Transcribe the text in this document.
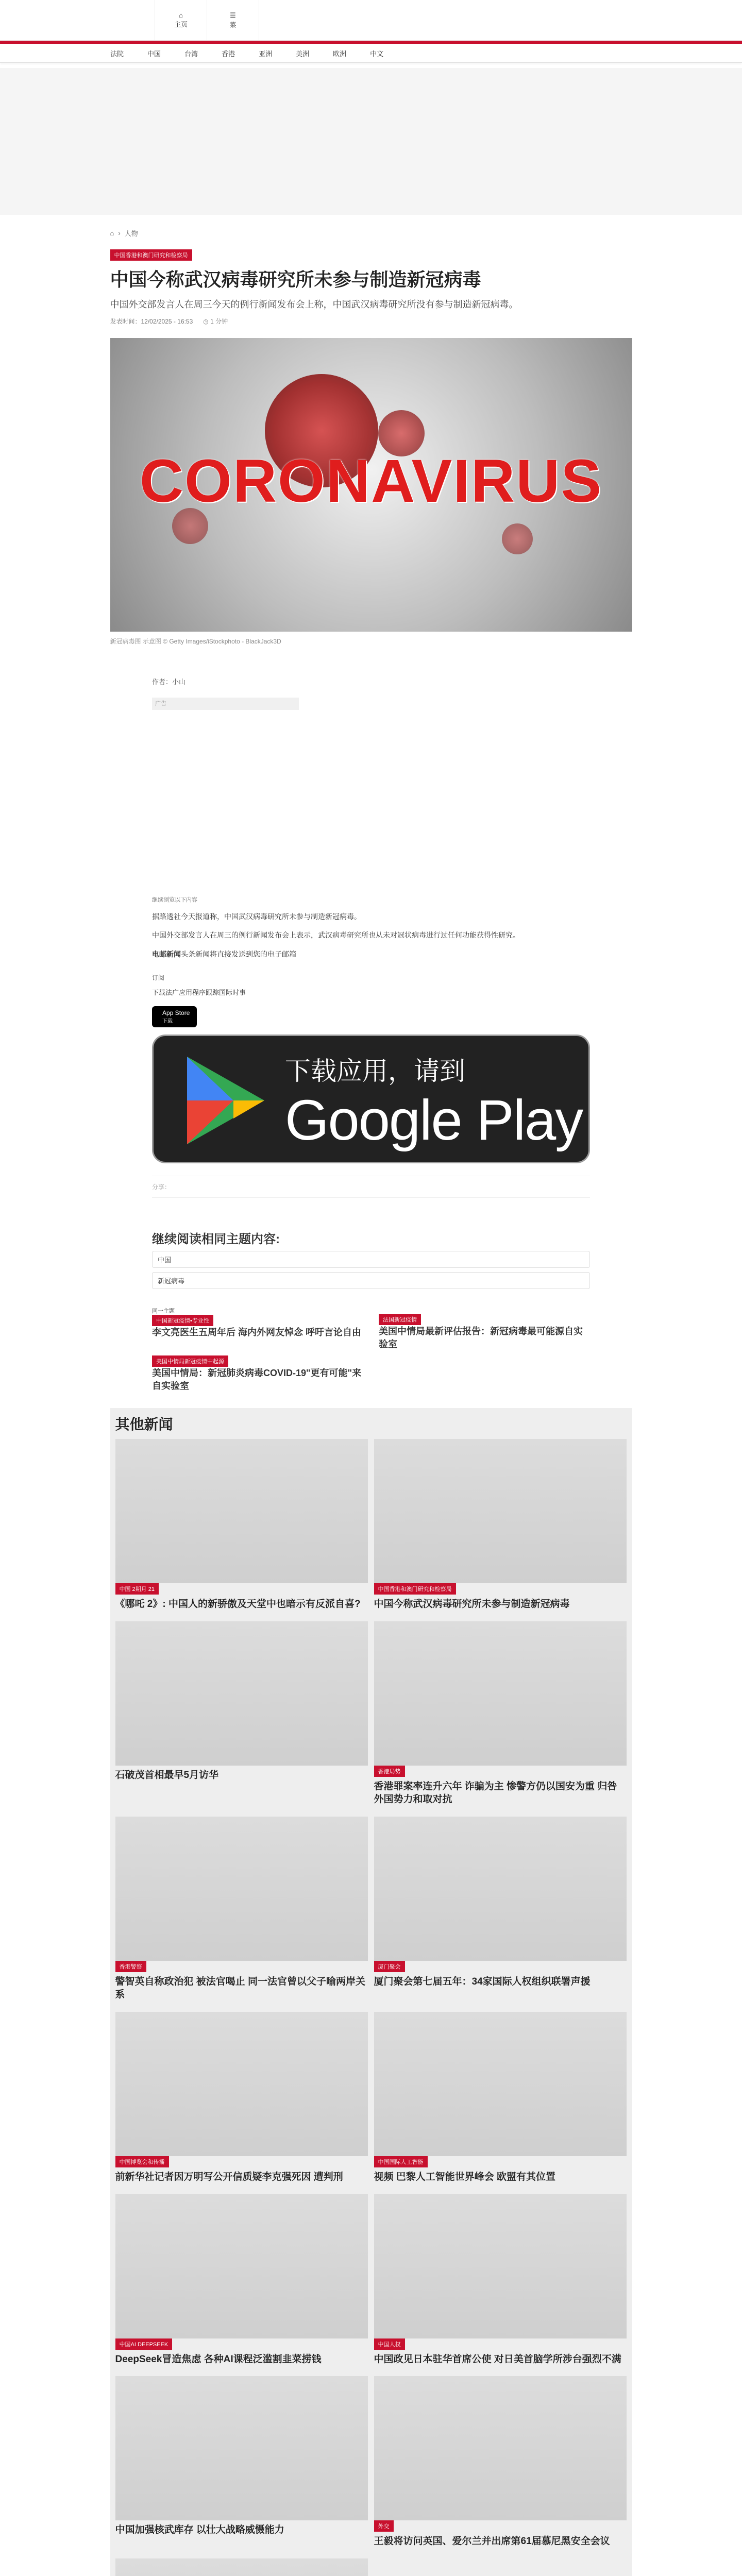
⌂
主页
☰
菜
法院	中国	台湾	香港	亚洲	美洲	欧洲	中文
⌂ › 人物
中国香港和澳门研究和检察局
中国今称武汉病毒研究所未参与制造新冠病毒
中国外交部发言人在周三今天的例行新闻发布会上称，中国武汉病毒研究所没有参与制造新冠病毒。
发表时间：12/02/2025 - 16:53 ◷ 1 分钟
CORONAVIRUS
新冠病毒图 示意图 © Getty Images/iStockphoto - BlackJack3D
作者：小山
广告
继续浏览以下内容
据路透社今天报道称，中国武汉病毒研究所未参与制造新冠病毒。
中国外交部发言人在周三的例行新闻发布会上表示，武汉病毒研究所也从未对冠状病毒进行过任何功能获得性研究。
电邮新闻头条新闻将直接发送到您的电子邮箱
订阅
下载法广应用程序跟踪国际时事
App Store
下载
下载应用，请到
Google Play
分享：
继续阅读相同主题内容:
中国
新冠病毒
同一主题
中国新冠疫情•专业性
李文亮医生五周年后 海内外网友悼念 呼吁言论自由
法国新冠疫情
美国中情局最新评估报告：新冠病毒最可能源自实验室
美国中情局新冠疫情中起源
美国中情局：新冠肺炎病毒COVID-19"更有可能"来自实验室
其他新闻
中国 2期月 21
《哪吒 2》: 中国人的新骄傲及天堂中也暗示有反派自喜?
中国香港和澳门研究和检察局
中国今称武汉病毒研究所未参与制造新冠病毒
石破茂首相最早5月访华	香港局势
香港罪案率连升六年 诈骗为主 惨警方仍以国安为重 归咎外国势力和取对抗
香港警察
警智英自称政治犯 被法官喝止 同一法官曾以父子喻两岸关系
厦门聚会
厦门聚会第七届五年：34家国际人权组织联署声援
中国博览会和传播
前新华社记者因万明写公开信质疑李克强死因 遭判刑
中国国际人工智能
视频 巴黎人工智能世界峰会 欧盟有其位置
中国AI DEEPSEEK
DeepSeek冒造焦虑 各种AI课程泛滥割韭菜捞钱
中国人权
中国政见日本驻华首席公使 对日美首脑学所涉台强烈不满
中国加强核武库存 以壮大战略威慑能力	外交
王毅将访问英国、爱尔兰并出席第61届慕尼黑安全会议
